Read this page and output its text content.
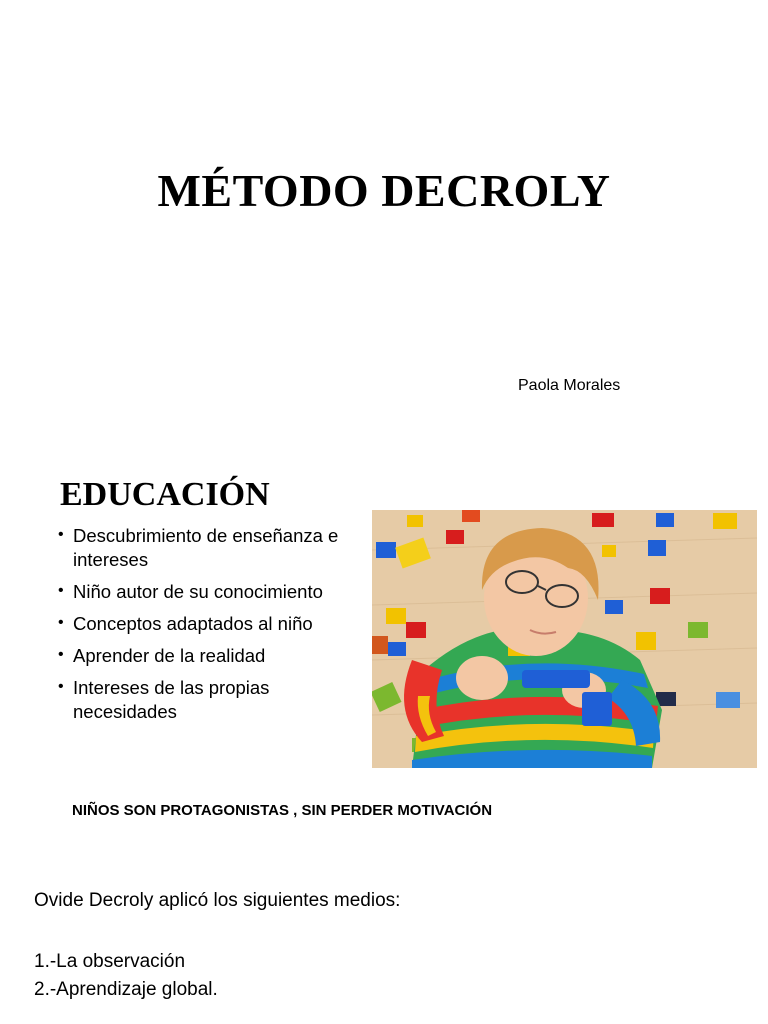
MÉTODO DECROLY

Paola Morales

EDUCACIÓN
• Descubrimiento de enseñanza e intereses
• Niño autor de su conocimiento
• Conceptos adaptados al niño
• Aprender de la realidad
• Intereses de las propias necesidades

NIÑOS SON PROTAGONISTAS , SIN PERDER MOTIVACIÓN

Ovide Decroly aplicó los siguientes medios:

1.-La observación
2.-Aprendizaje global.
